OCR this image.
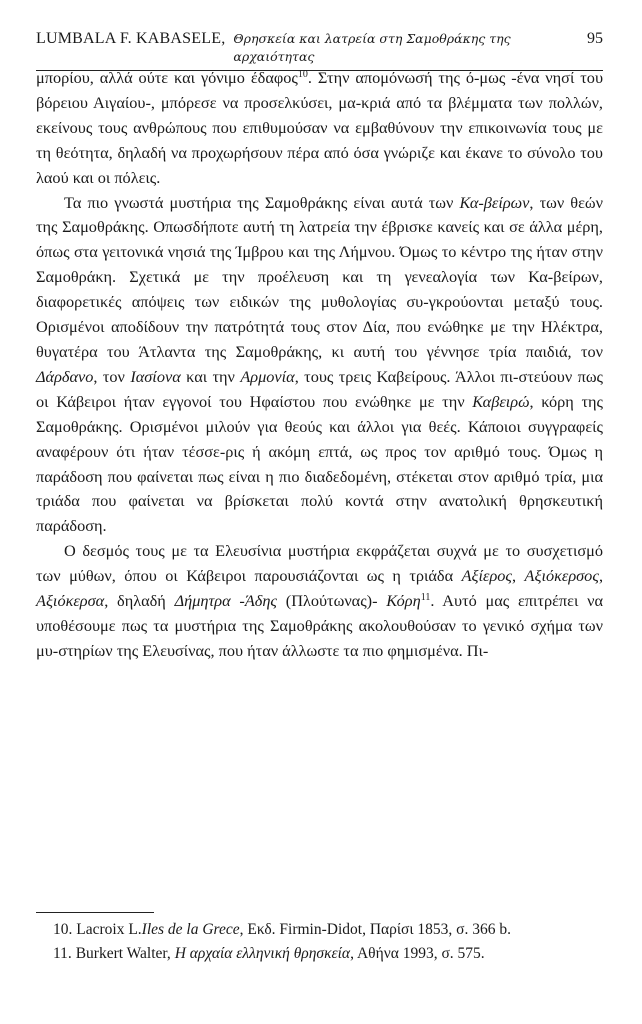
LUMBALA F. KABASELE, Θρησκεία και λατρεία στη Σαμοθράκης της αρχαιότητας
95

μπορίου, αλλά ούτε και γόνιμο έδαφος$^{10}$. Στην απομόνωσή της ό-μως -ένα νησί του βόρειου Αιγαίου-, μπόρεσε να προσελκύσει, μα-κριά από τα βλέμματα των πολλών, εκείνους τους ανθρώπους που επιθυμούσαν να εμβαθύνουν την επικοινωνία τους με τη θεότητα, δηλαδή να προχωρήσουν πέρα από όσα γνώριζε και έκανε το σύνολο του λαού και οι πόλεις.

Τα πιο γνωστά μυστήρια της Σαμοθράκης είναι αυτά των Κα-βείρων, των θεών της Σαμοθράκης. Οπωσδήποτε αυτή τη λατρεία την έβρισκε κανείς και σε άλλα μέρη, όπως στα γειτονικά νησιά της Ίμβρου και της Λήμνου. Όμως το κέντρο της ήταν στην Σαμοθράκη. Σχετικά με την προέλευση και τη γενεαλογία των Κα-βείρων, διαφορετικές απόψεις των ειδικών της μυθολογίας συ-γκρούονται μεταξύ τους. Ορισμένοι αποδίδουν την πατρότητά τους στον Δία, που ενώθηκε με την Ηλέκτρα, θυγατέρα του Άτλαντα της Σαμοθράκης, κι αυτή του γέννησε τρία παιδιά, τον Δάρδανο, τον Ιασίονα και την Αρμονία, τους τρεις Καβείρους. Άλλοι πι-στεύουν πως οι Κάβειροι ήταν εγγονοί του Ηφαίστου που ενώθηκε με την Καβειρώ, κόρη της Σαμοθράκης. Ορισμένοι μιλούν για θεούς και άλλοι για θεές. Κάποιοι συγγραφείς αναφέρουν ότι ήταν τέσσε-ρις ή ακόμη επτά, ως προς τον αριθμό τους. Όμως η παράδοση που φαίνεται πως είναι η πιο διαδεδομένη, στέκεται στον αριθμό τρία, μια τριάδα που φαίνεται να βρίσκεται πολύ κοντά στην ανατολική θρησκευτική παράδοση.

Ο δεσμός τους με τα Ελευσίνια μυστήρια εκφράζεται συχνά με το συσχετισμό των μύθων, όπου οι Κάβειροι παρουσιάζονται ως η τριάδα Αξίερος, Αξιόκερσος, Αξιόκερσα, δηλαδή Δήμητρα -Άδης (Πλούτωνας)- Κόρη$^{11}$. Αυτό μας επιτρέπει να υποθέσουμε πως τα μυστήρια της Σαμοθράκης ακολουθούσαν το γενικό σχήμα των μυ-στηρίων της Ελευσίνας, που ήταν άλλωστε τα πιο φημισμένα. Πι-

10. Lacroix L.Iles de la Grece, Εκδ. Firmin-Didot, Παρίσι 1853, σ. 366 b.
11. Burkert Walter, Η αρχαία ελληνική θρησκεία, Αθήνα 1993, σ. 575.
